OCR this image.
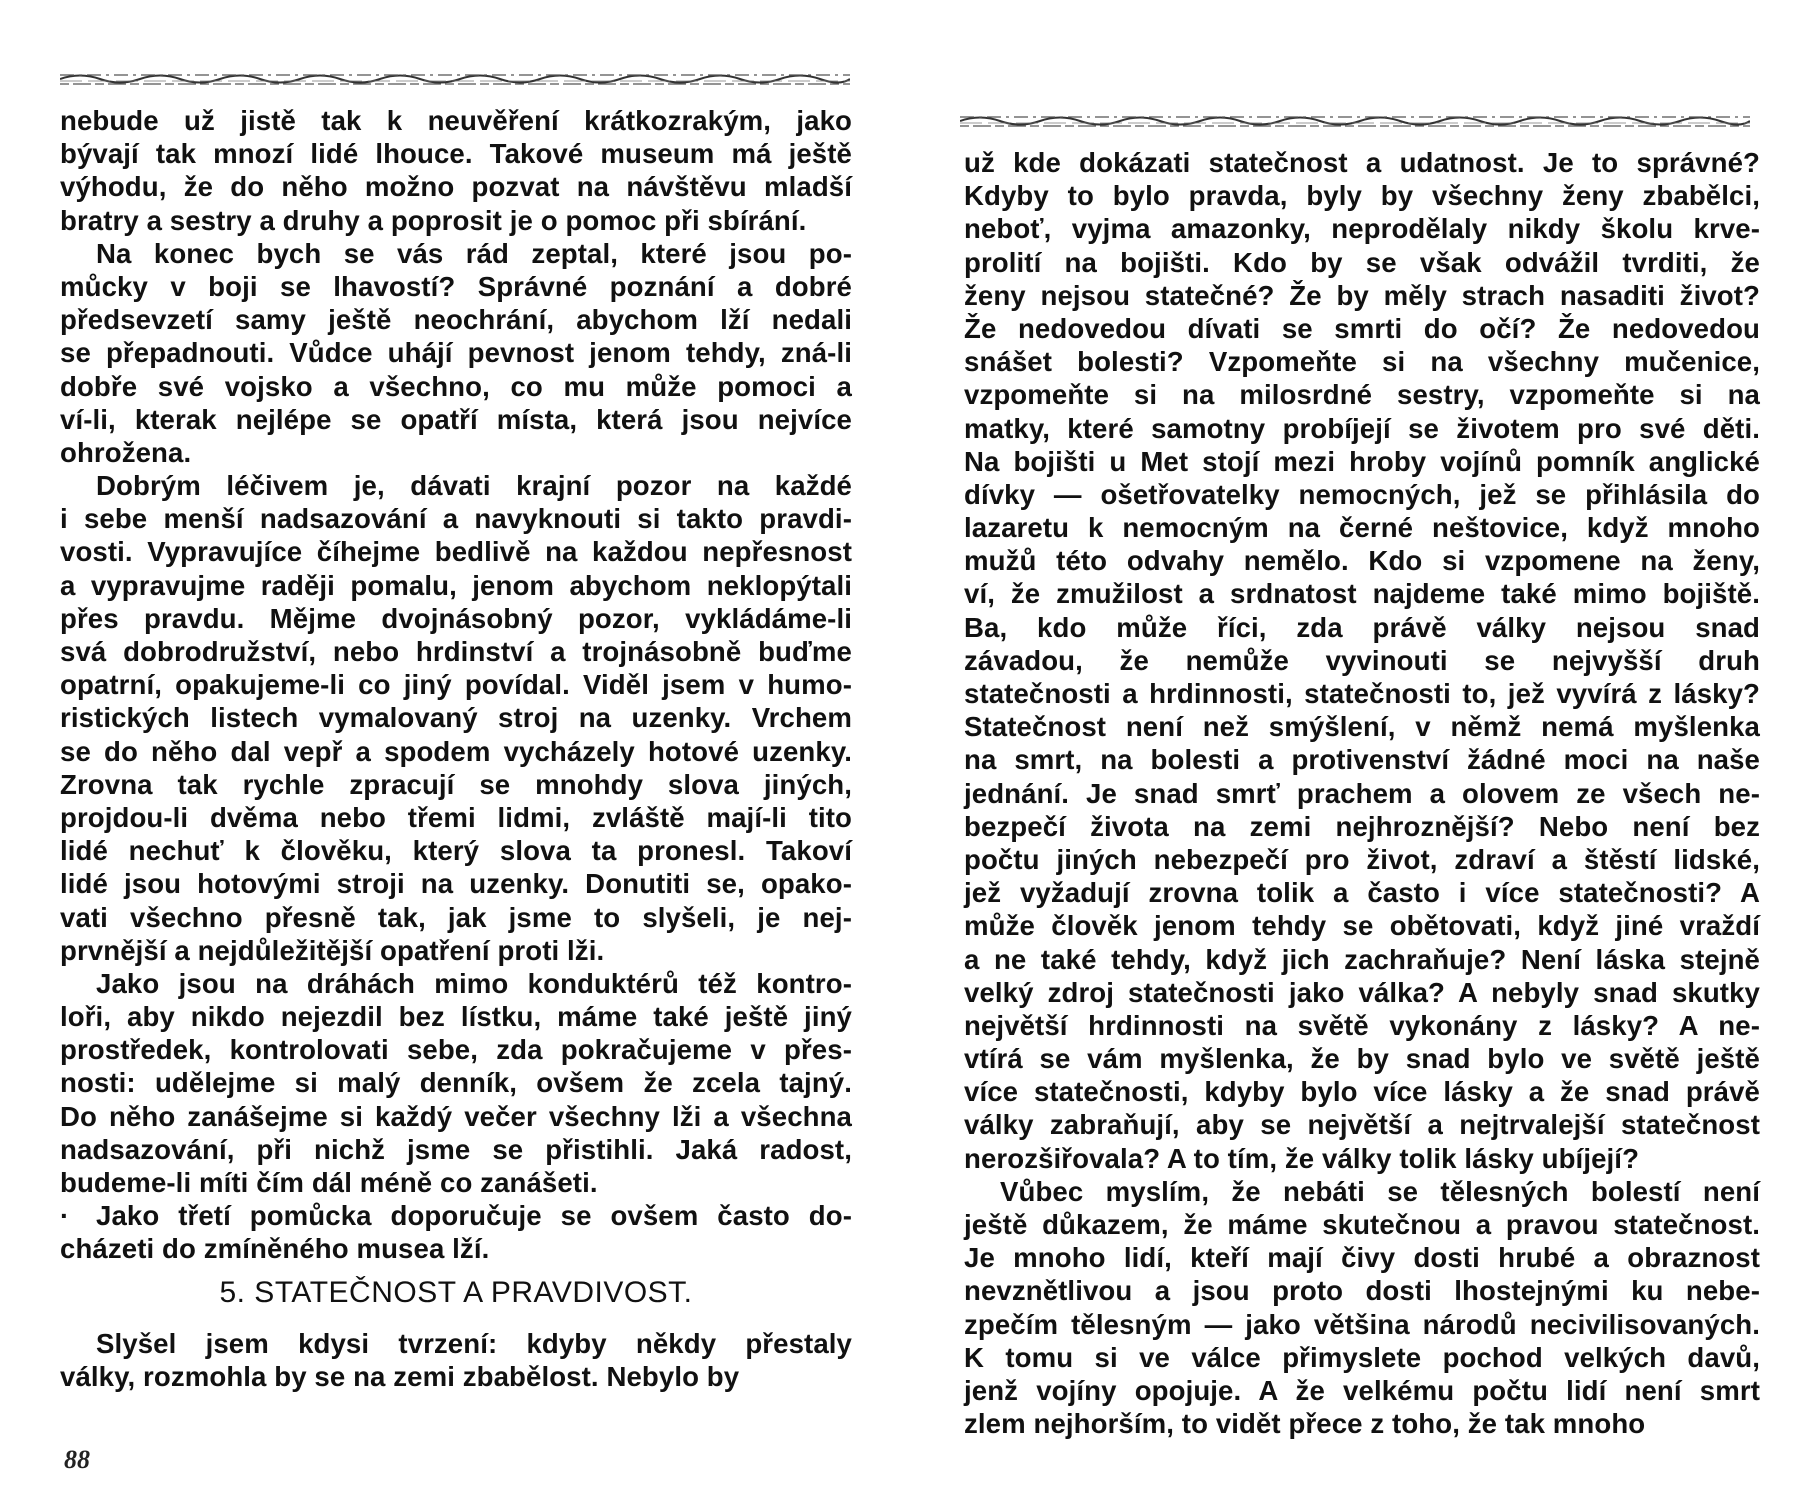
nebude už jistě tak k neuvěření krátkozrakým, jako
bývají tak mnozí lidé lhouce. Takové museum má ještě
výhodu, že do něho možno pozvat na návštěvu mladší
bratry a sestry a druhy a poprosit je o pomoc při sbírání.
Na konec bych se vás rád zeptal, které jsou po-
můcky v boji se lhavostí? Správné poznání a dobré
předsevzetí samy ještě neochrání, abychom lží nedali
se přepadnouti. Vůdce uhájí pevnost jenom tehdy, zná-li
dobře své vojsko a všechno, co mu může pomoci a
ví-li, kterak nejlépe se opatří místa, která jsou nejvíce
ohrožena.
Dobrým léčivem je, dávati krajní pozor na každé
i sebe menší nadsazování a navyknouti si takto pravdi-
vosti. Vypravujíce číhejme bedlivě na každou nepřesnost
a vypravujme raději pomalu, jenom abychom neklopýtali
přes pravdu. Mějme dvojnásobný pozor, vykládáme-li
svá dobrodružství, nebo hrdinství a trojnásobně buďme
opatrní, opakujeme-li co jiný povídal. Viděl jsem v humo-
ristických listech vymalovaný stroj na uzenky. Vrchem
se do něho dal vepř a spodem vycházely hotové uzenky.
Zrovna tak rychle zpracují se mnohdy slova jiných,
projdou-li dvěma nebo třemi lidmi, zvláště mají-li tito
lidé nechuť k člověku, který slova ta pronesl. Takoví
lidé jsou hotovými stroji na uzenky. Donutiti se, opako-
vati všechno přesně tak, jak jsme to slyšeli, je nej-
prvnější a nejdůležitější opatření proti lži.
Jako jsou na dráhách mimo konduktérů též kontro-
loři, aby nikdo nejezdil bez lístku, máme také ještě jiný
prostředek, kontrolovati sebe, zda pokračujeme v přes-
nosti: udělejme si malý denník, ovšem že zcela tajný.
Do něho zanášejme si každý večer všechny lži a všechna
nadsazování, při nichž jsme se přistihli. Jaká radost,
budeme-li míti čím dál méně co zanášeti.
· Jako třetí pomůcka doporučuje se ovšem často do-
cházeti do zmíněného musea lží.
5. STATEČNOST A PRAVDIVOST.
Slyšel jsem kdysi tvrzení: kdyby někdy přestaly
války, rozmohla by se na zemi zbabělost. Nebylo by
88
už kde dokázati statečnost a udatnost. Je to správné?
Kdyby to bylo pravda, byly by všechny ženy zbabělci,
neboť, vyjma amazonky, neprodělaly nikdy školu krve-
prolití na bojišti. Kdo by se však odvážil tvrditi, že
ženy nejsou statečné? Že by měly strach nasaditi život?
Že nedovedou dívati se smrti do očí? Že nedovedou
snášet bolesti? Vzpomeňte si na všechny mučenice,
vzpomeňte si na milosrdné sestry, vzpomeňte si na
matky, které samotny probíjejí se životem pro své děti.
Na bojišti u Met stojí mezi hroby vojínů pomník anglické
dívky — ošetřovatelky nemocných, jež se přihlásila do
lazaretu k nemocným na černé neštovice, když mnoho
mužů této odvahy nemělo. Kdo si vzpomene na ženy,
ví, že zmužilost a srdnatost najdeme také mimo bojiště.
Ba, kdo může říci, zda právě války nejsou snad
závadou, že nemůže vyvinouti se nejvyšší druh
statečnosti a hrdinnosti, statečnosti to, jež vyvírá z lásky?
Statečnost není než smýšlení, v němž nemá myšlenka
na smrt, na bolesti a protivenství žádné moci na naše
jednání. Je snad smrť prachem a olovem ze všech ne-
bezpečí života na zemi nejhroznější? Nebo není bez
počtu jiných nebezpečí pro život, zdraví a štěstí lidské,
jež vyžadují zrovna tolik a často i více statečnosti? A
může člověk jenom tehdy se obětovati, když jiné vraždí
a ne také tehdy, když jich zachraňuje? Není láska stejně
velký zdroj statečnosti jako válka? A nebyly snad skutky
největší hrdinnosti na světě vykonány z lásky? A ne-
vtírá se vám myšlenka, že by snad bylo ve světě ještě
více statečnosti, kdyby bylo více lásky a že snad právě
války zabraňují, aby se největší a nejtrvalejší statečnost
nerozšiřovala? A to tím, že války tolik lásky ubíjejí?
Vůbec myslím, že nebáti se tělesných bolestí není
ještě důkazem, že máme skutečnou a pravou statečnost.
Je mnoho lidí, kteří mají čivy dosti hrubé a obraznost
nevznětlivou a jsou proto dosti lhostejnými ku nebe-
zpečím tělesným — jako většina národů necivilisovaných.
K tomu si ve válce přimyslete pochod velkých davů,
jenž vojíny opojuje. A že velkému počtu lidí není smrt
zlem nejhorším, to vidět přece z toho, že tak mnoho
